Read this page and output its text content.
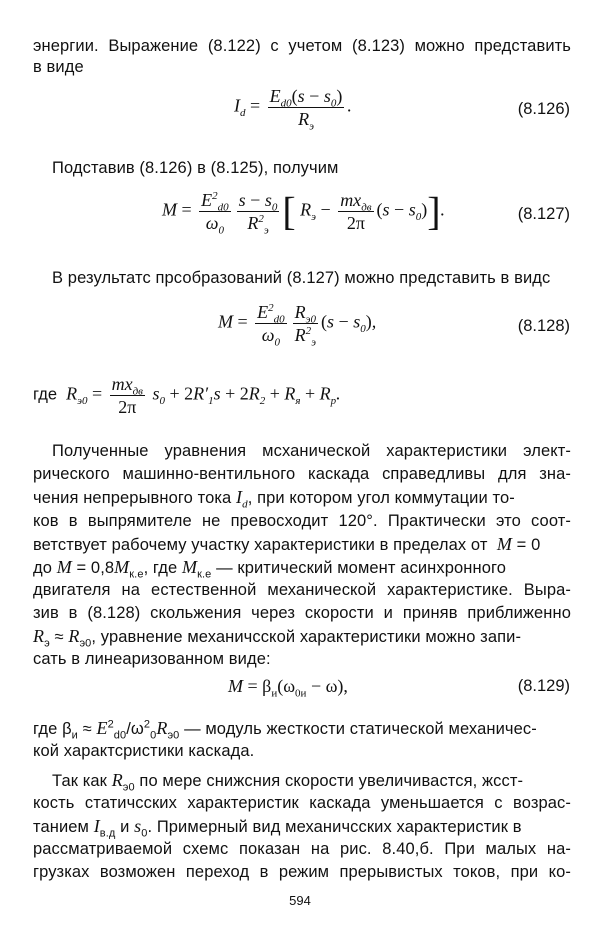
энергии. Выражение (8.122) с учетом (8.123) можно представить
в виде
$I_d = \frac{E_{d0}(s - s_0)}{R_э}$ .	(8.126)
Подставив (8.126) в (8.125), получим
$M = \frac{E^2_{d0}}{\omega_0} \frac{s - s_0}{R^2_э}$ [ $R_э - \frac{mx_{дв}}{2\pi} (s - s_0)$].	(8.127)
В результатс прсобразований (8.127) можно представить в видс
$M = \frac{E^2_{d0}}{\omega_0} \frac{R_{э0}}{R^2_э} (s - s_0)$,	(8.128)
где  $R_{э0} = \frac{mx_{дв}}{2\pi} s_0 + 2R'_1s + 2R_2 + R_я + R_р$.
Полученные уравнения мсханической характеристики элект-
рического машинно-вентильного каскада справедливы для зна-
чения непрерывного тока $I_d$, при котором угол коммутации то-
ков в выпрямителе не превосходит 120°. Практически это соот-
ветствует рабочему участку характеристики в пределах от M = 0
до $M = 0,8M_{к.е}$, где $M_{к.е}$ — критический момент асинхронного
двигателя на естественной механической характеристике. Выра-
зив в (8.128) скольжения через скорости и приняв приближенно
$R_э \approx R_{э0}$, уравнение механичсской характеристики можно запи-
сать в линеаризованном виде:
$M = \beta_и(\omega_{0и} - \omega)$,	(8.129)
где $\beta_и \approx E^2_{d0}/\omega^2_0R_{э0}$ — модуль жесткости статической механичес-
кой характсристики каскада.
Так как $R_{э0}$ по мере снижсния скорости увеличивастся, жсст-
кость статичсских характеристик каскада уменьшается с возрас-
танием $I_{в.д}$ и $s_0$. Примерный вид механичсских характеристик в
рассматриваемой схемс показан на рис. 8.40,б. При малых на-
грузках возможен переход в режим прерывистых токов, при ко-
594
